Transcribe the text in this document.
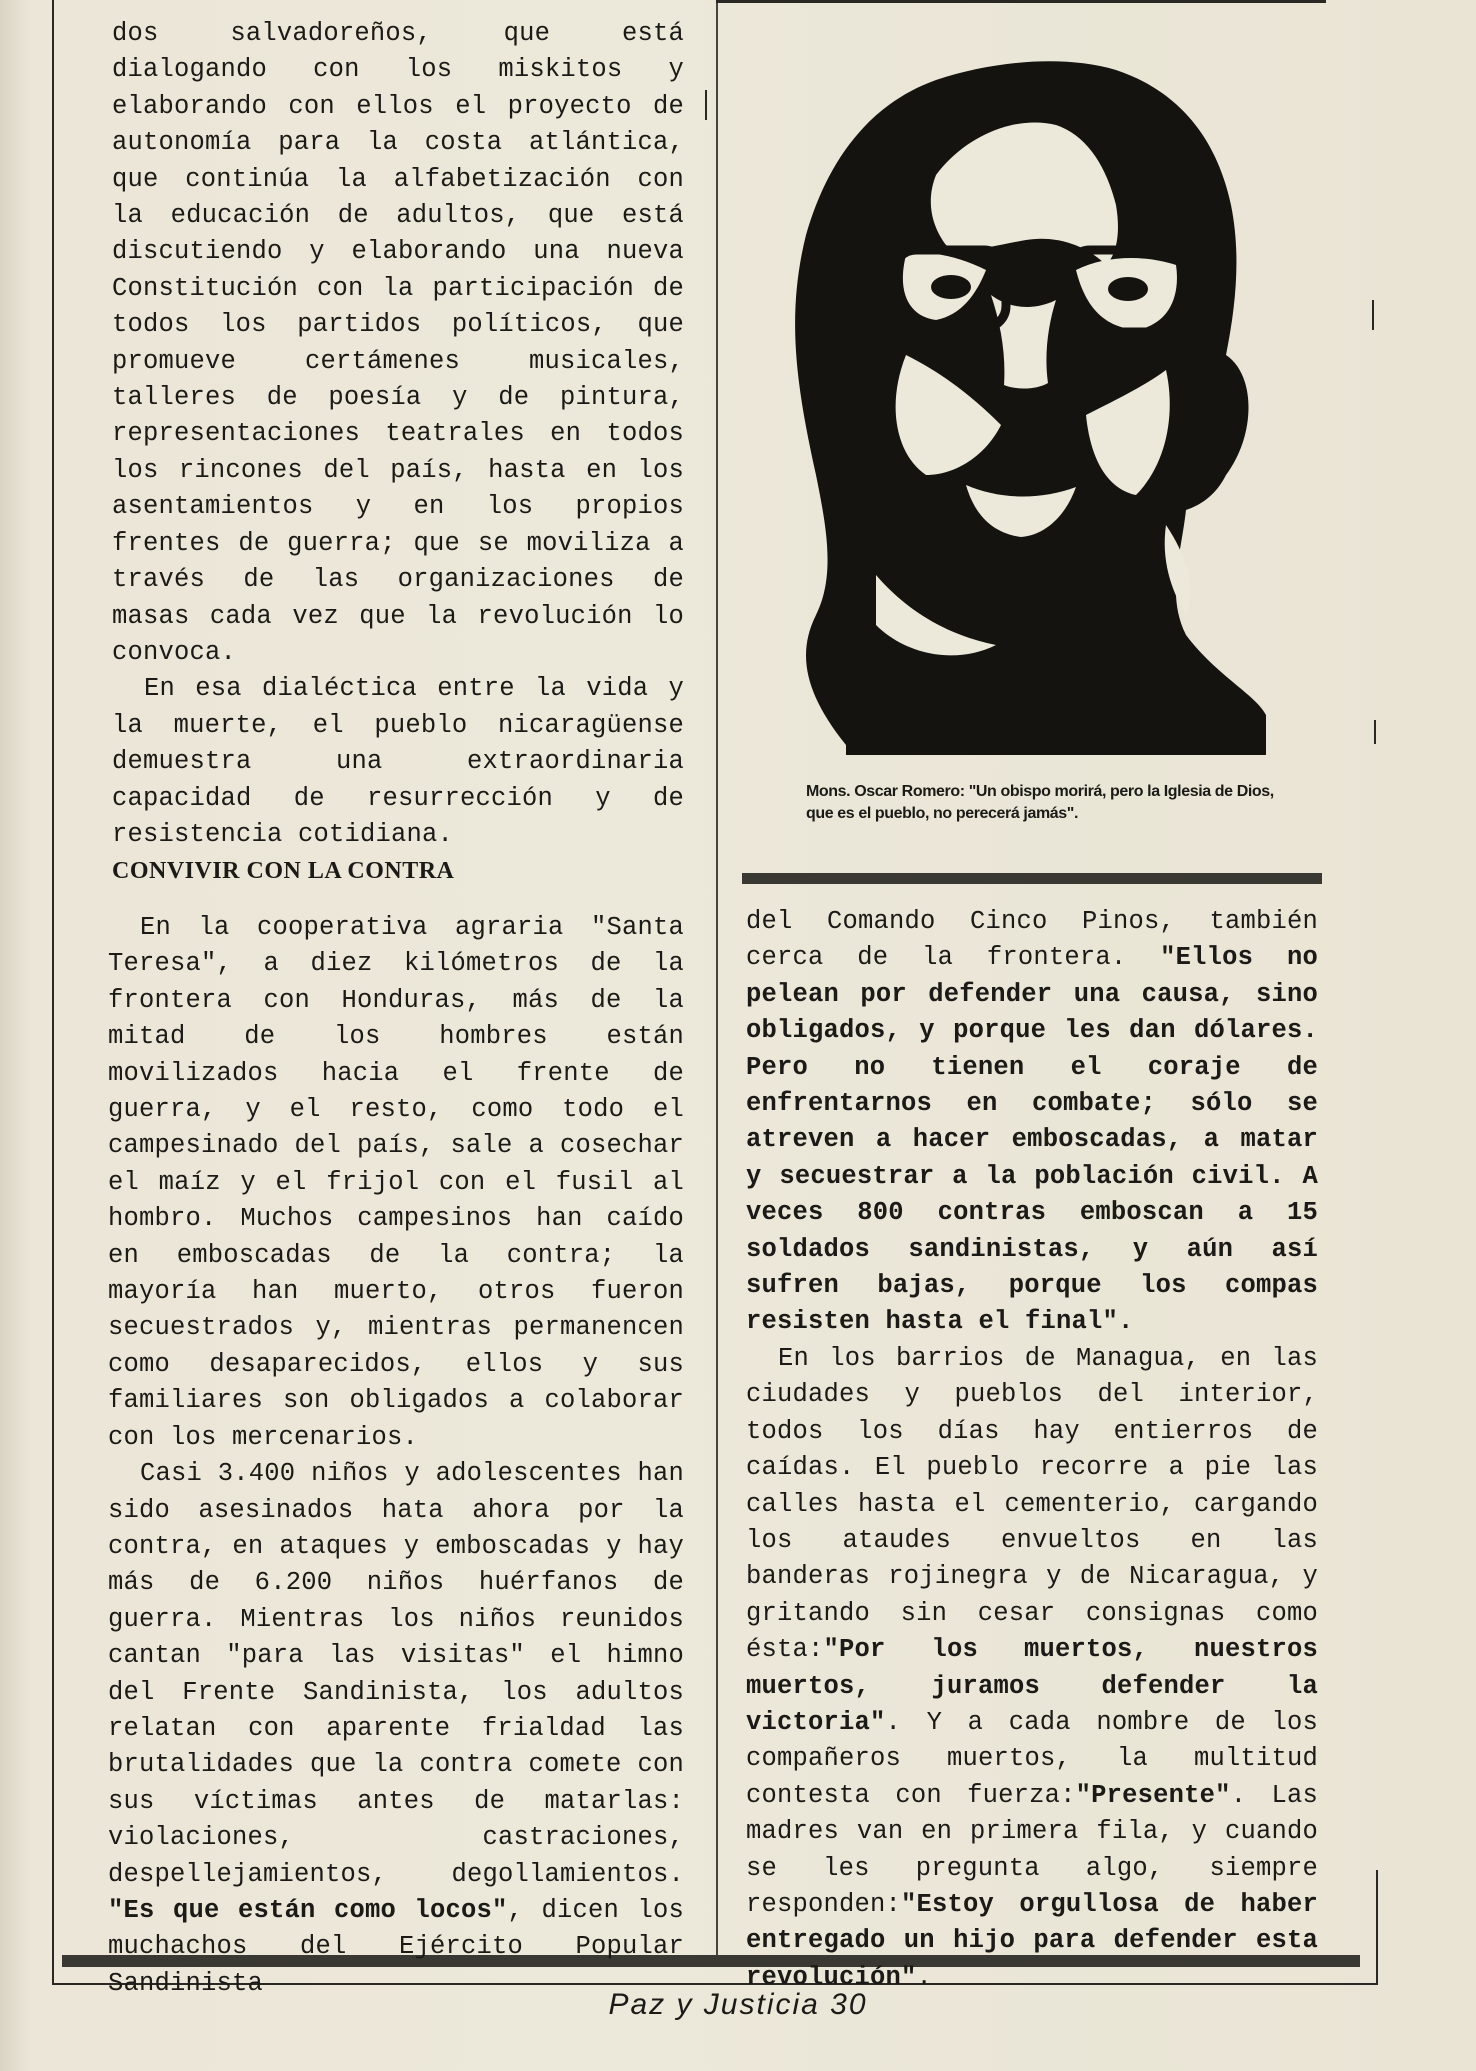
dos salvadoreños, que está dialogando con los miskitos y elaborando con ellos el proyecto de autonomía para la costa atlántica, que continúa la alfabetización con la educación de adultos, que está discutiendo y elaborando una nueva Constitución con la participación de todos los partidos políticos, que promueve certámenes musicales, talleres de poesía y de pintura, representaciones teatrales en todos los rincones del país, hasta en los asentamientos y en los propios frentes de guerra; que se moviliza a través de las organizaciones de masas cada vez que la revolución lo convoca.

En esa dialéctica entre la vida y la muerte, el pueblo nicaragüense demuestra una extraordinaria capacidad de resurrección y de resistencia cotidiana.

CONVIVIR CON LA CONTRA

En la cooperativa agraria "Santa Teresa", a diez kilómetros de la frontera con Honduras, más de la mitad de los hombres están movilizados hacia el frente de guerra, y el resto, como todo el campesinado del país, sale a cosechar el maíz y el frijol con el fusil al hombro. Muchos campesinos han caído en emboscadas de la contra; la mayoría han muerto, otros fueron secuestrados y, mientras permanencen como desaparecidos, ellos y sus familiares son obligados a colaborar con los mercenarios.

Casi 3.400 niños y adolescentes han sido asesinados hata ahora por la contra, en ataques y emboscadas y hay más de 6.200 niños huérfanos de guerra. Mientras los niños reunidos cantan "para las visitas" el himno del Frente Sandinista, los adultos relatan con aparente frialdad las brutalidades que la contra comete con sus víctimas antes de matarlas: violaciones, castraciones, despellejamientos, degollamientos. "Es que están como locos", dicen los muchachos del Ejército Popular Sandinista

Mons. Oscar Romero: "Un obispo morirá, pero la Iglesia de Dios, que es el pueblo, no perecerá jamás".

del Comando Cinco Pinos, también cerca de la frontera. "Ellos no pelean por defender una causa, sino obligados, y porque les dan dólares. Pero no tienen el coraje de enfrentarnos en combate; sólo se atreven a hacer emboscadas, a matar y secuestrar a la población civil. A veces 800 contras emboscan a 15 soldados sandinistas, y aún así sufren bajas, porque los compas resisten hasta el final".

En los barrios de Managua, en las ciudades y pueblos del interior, todos los días hay entierros de caídas. El pueblo recorre a pie las calles hasta el cementerio, cargando los ataudes envueltos en las banderas rojinegra y de Nicaragua, y gritando sin cesar consignas como ésta:"Por los muertos, nuestros muertos, juramos defender la victoria". Y a cada nombre de los compañeros muertos, la multitud contesta con fuerza:"Presente". Las madres van en primera fila, y cuando se les pregunta algo, siempre responden:"Estoy orgullosa de haber entregado un hijo para defender esta revolución".

Paz y Justicia 30
